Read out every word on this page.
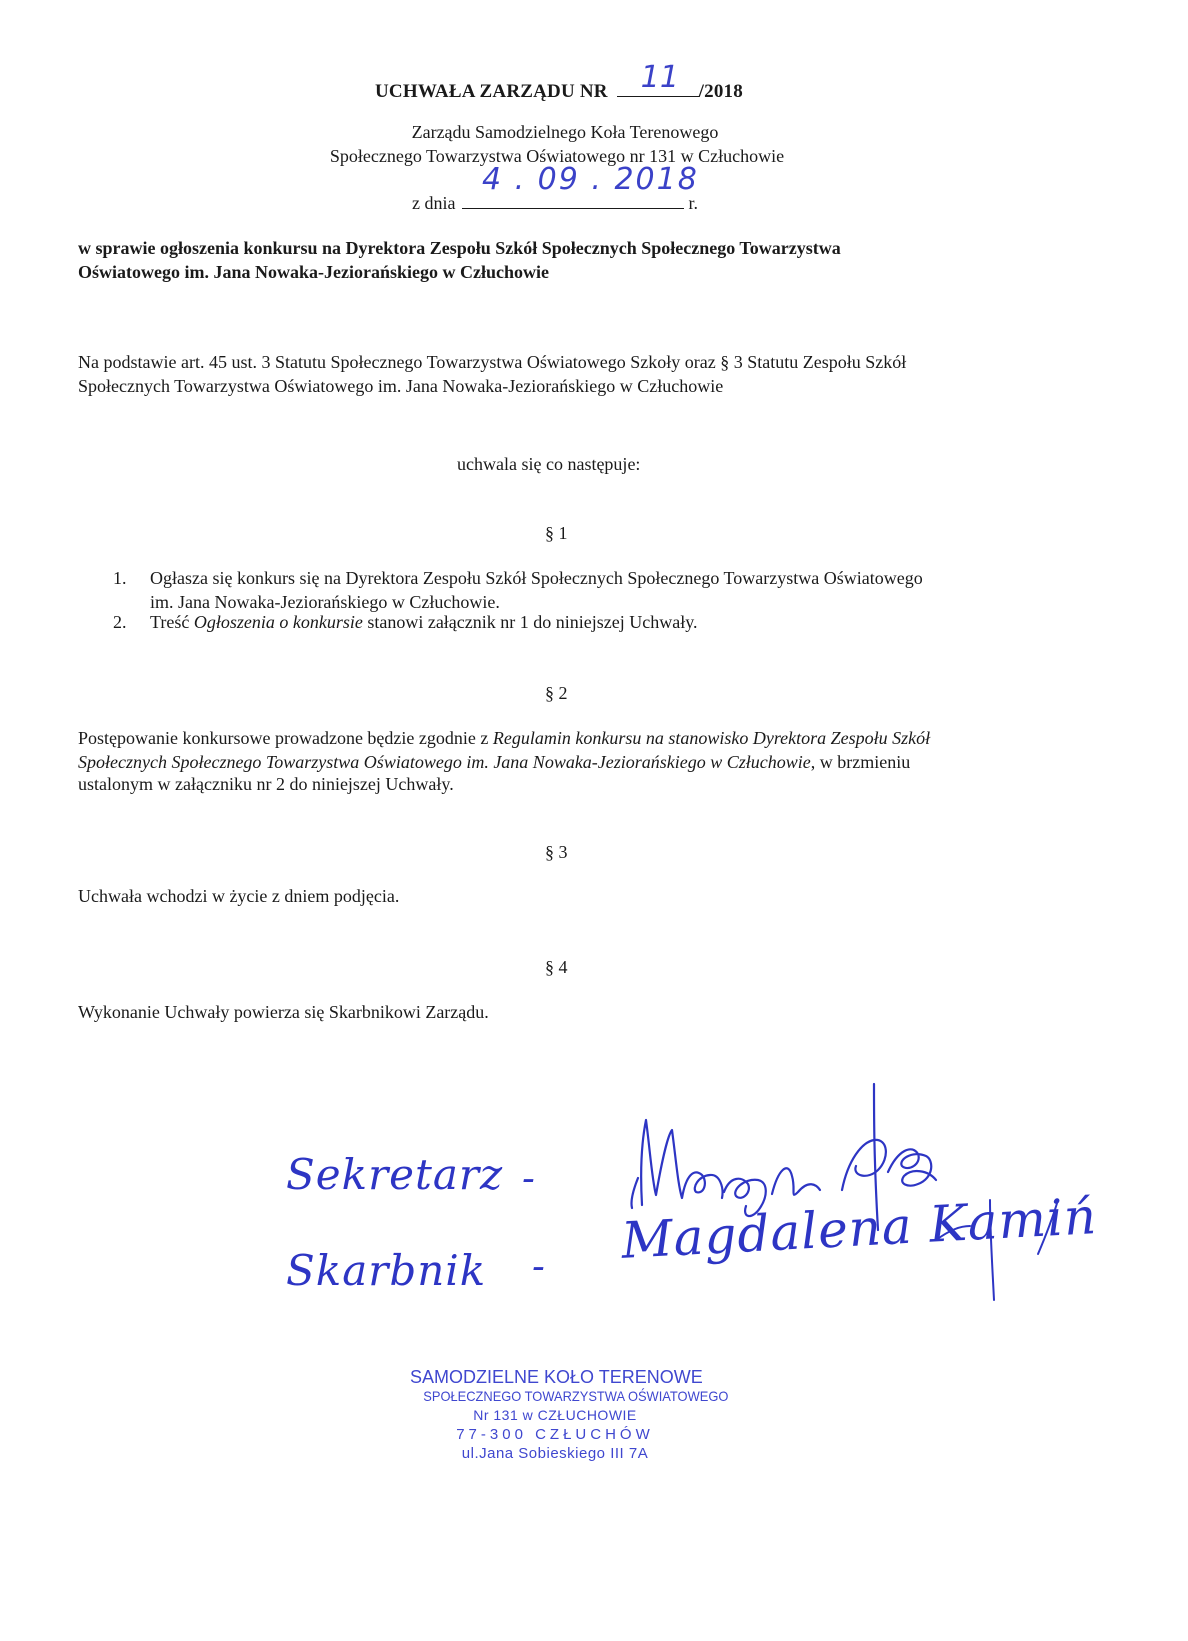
UCHWAŁA ZARZĄDU NR 11 /2018
Zarządu Samodzielnego Koła Terenowego
Społecznego Towarzystwa Oświatowego nr 131 w Człuchowie
z dnia
4 . 09 . 2018
r.
w sprawie ogłoszenia konkursu na Dyrektora Zespołu Szkół Społecznych Społecznego Towarzystwa
Oświatowego im. Jana Nowaka-Jeziorańskiego w Człuchowie
Na podstawie art. 45 ust. 3 Statutu Społecznego Towarzystwa Oświatowego Szkoły oraz § 3 Statutu Zespołu Szkół
Społecznych Towarzystwa Oświatowego im. Jana Nowaka-Jeziorańskiego w Człuchowie
uchwala się co następuje:
§ 1
1. Ogłasza się konkurs się na Dyrektora Zespołu Szkół Społecznych Społecznego Towarzystwa Oświatowego
im. Jana Nowaka-Jeziorańskiego w Człuchowie.
2. Treść Ogłoszenia o konkursie stanowi załącznik nr 1 do niniejszej Uchwały.
§ 2
Postępowanie konkursowe prowadzone będzie zgodnie z Regulamin konkursu na stanowisko Dyrektora Zespołu Szkół
Społecznych Społecznego Towarzystwa Oświatowego im. Jana Nowaka-Jeziorańskiego w Człuchowie, w brzmieniu
ustalonym w załączniku nr 2 do niniejszej Uchwały.
§ 3
Uchwała wchodzi w życie z dniem podjęcia.
§ 4
Wykonanie Uchwały powierza się Skarbnikowi Zarządu.
Sekretarz -
Skarbnik - Magdalena Kamiń
SAMODZIELNE KOŁO TERENOWE
SPOŁECZNEGO TOWARZYSTWA OŚWIATOWEGO
Nr 131 w CZŁUCHOWIE
77-300 CZŁUCHÓW
ul.Jana Sobieskiego III 7A
